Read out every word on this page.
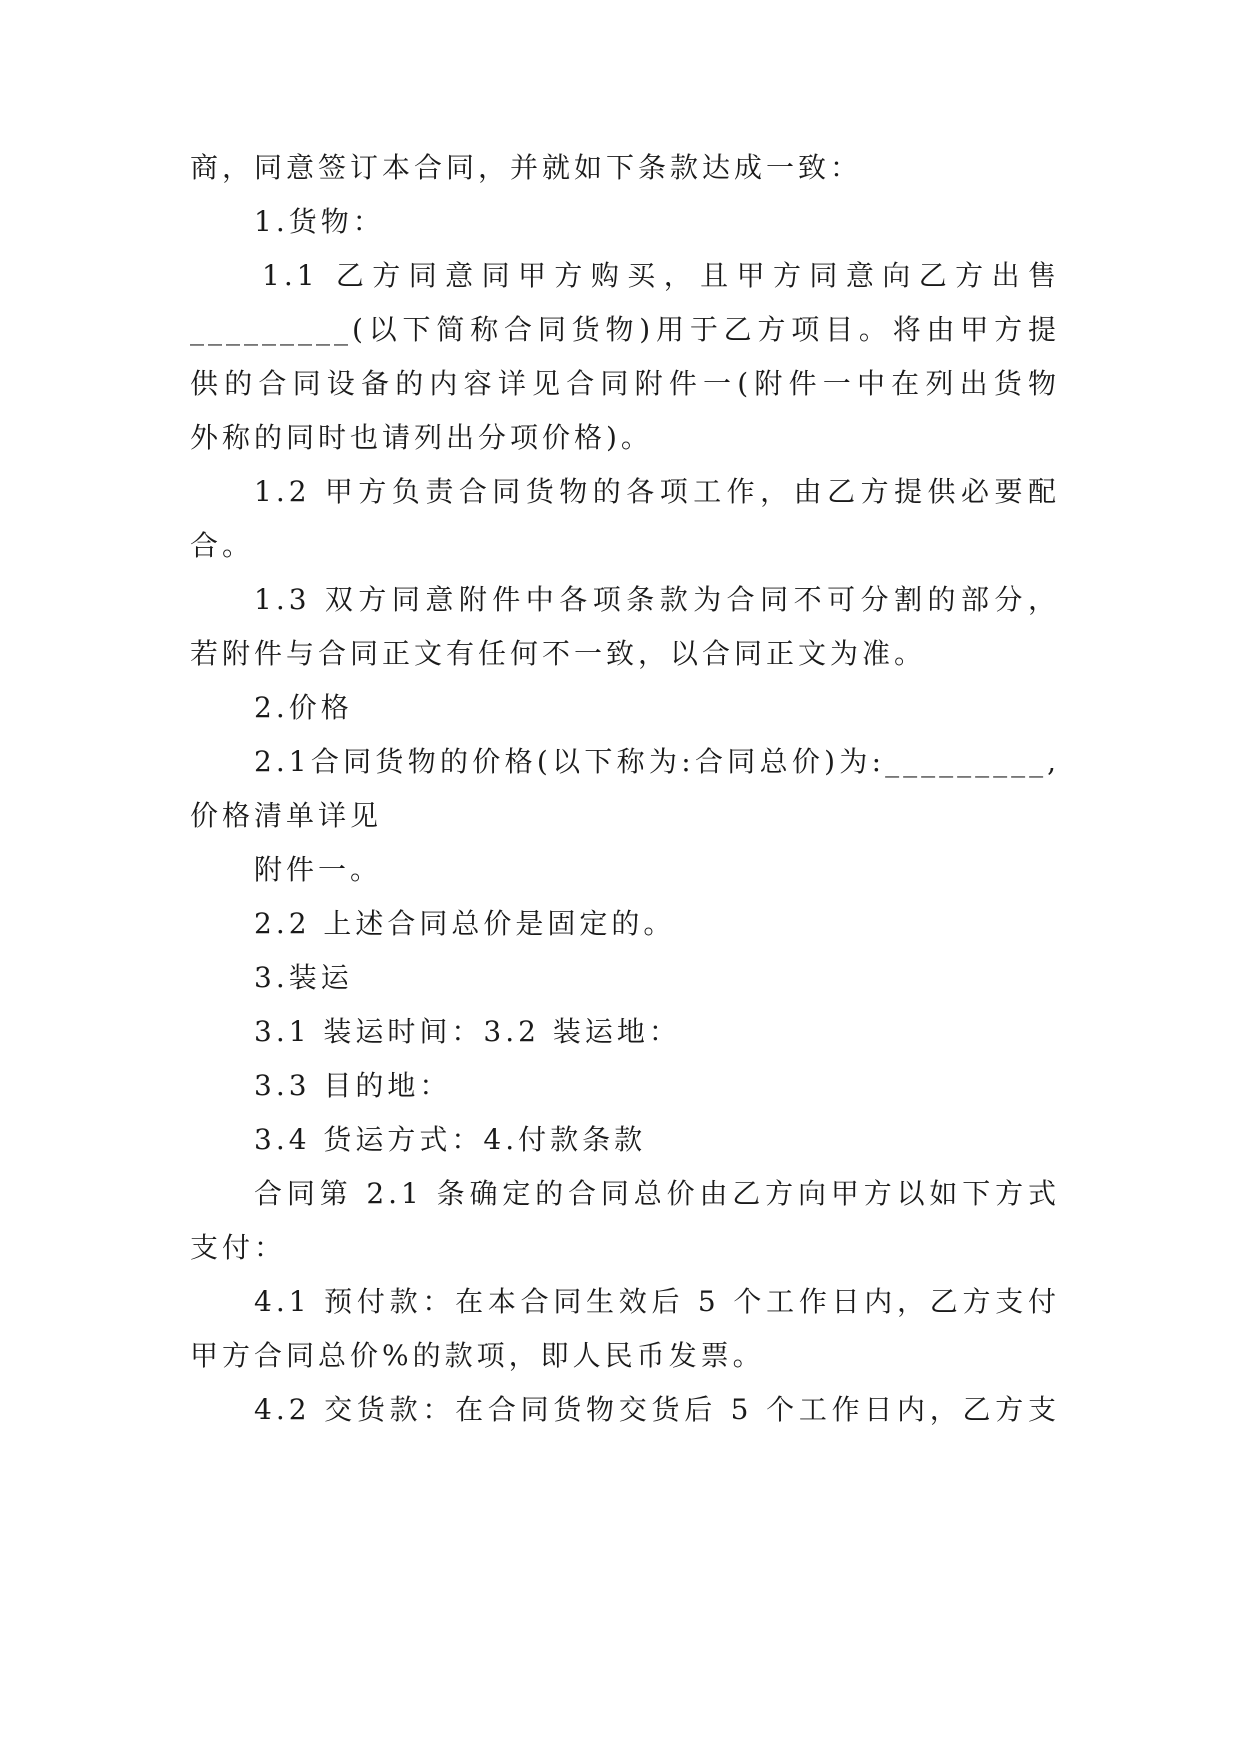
商，同意签订本合同，并就如下条款达成一致：
1.货物：
1.1 乙方同意同甲方购买，且甲方同意向乙方出售
_________(以下简称合同货物)用于乙方项目。将由甲方提
供的合同设备的内容详见合同附件一(附件一中在列出货物
外称的同时也请列出分项价格)。
1.2 甲方负责合同货物的各项工作，由乙方提供必要配
合。
1.3 双方同意附件中各项条款为合同不可分割的部分，
若附件与合同正文有任何不一致，以合同正文为准。
2.价格
2.1合同货物的价格(以下称为:合同总价)为:_________,
价格清单详见
附件一。
2.2 上述合同总价是固定的。
3.装运
3.1 装运时间：3.2 装运地：
3.3 目的地：
3.4 货运方式：4.付款条款
合同第 2.1 条确定的合同总价由乙方向甲方以如下方式
支付：
4.1 预付款：在本合同生效后 5 个工作日内，乙方支付
甲方合同总价%的款项，即人民币发票。
4.2 交货款：在合同货物交货后 5 个工作日内，乙方支
